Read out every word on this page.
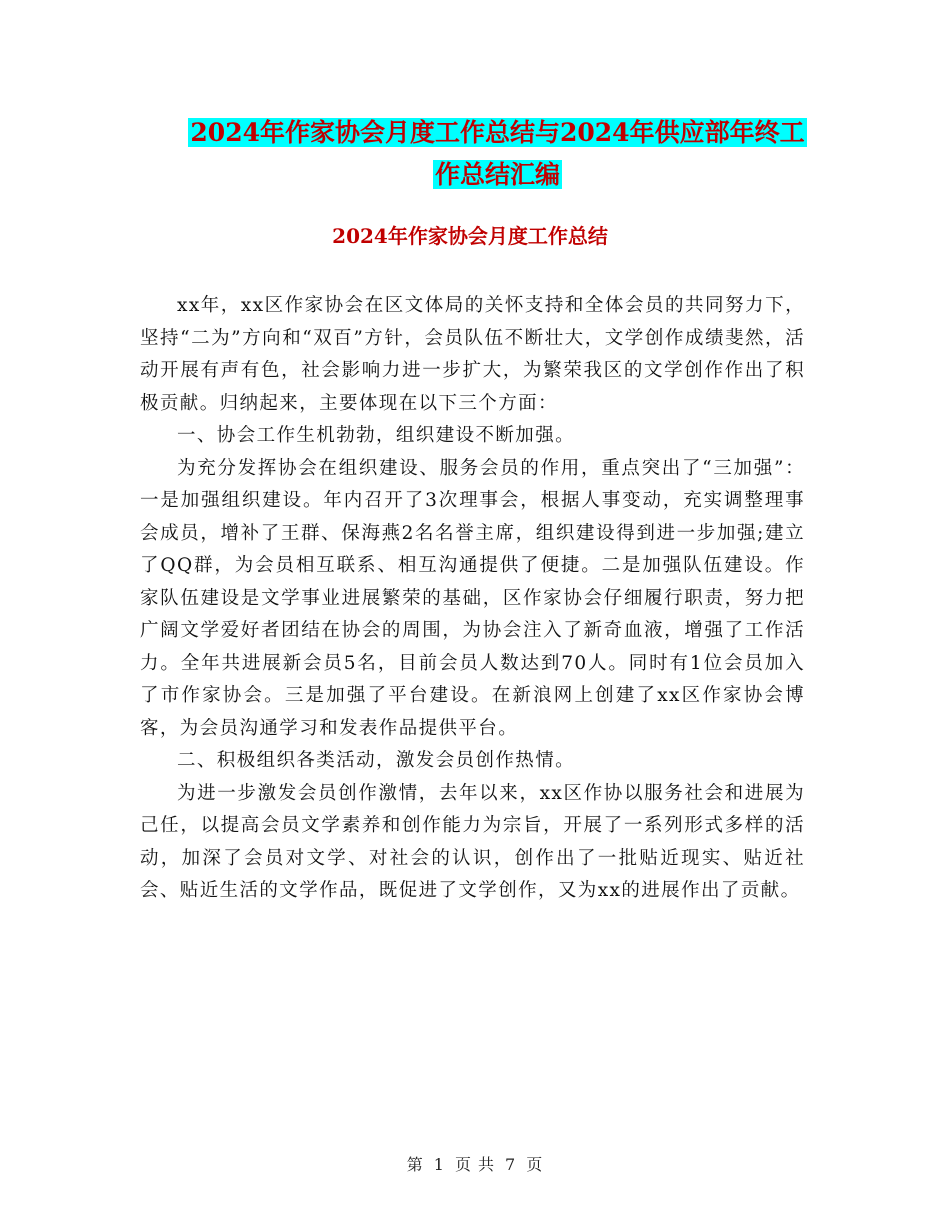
2024年作家协会月度工作总结与2024年供应部年终工
作总结汇编
2024年作家协会月度工作总结

xx年，xx区作家协会在区文体局的关怀支持和全体会员的共同努力下，坚持“二为”方向和“双百”方针，会员队伍不断壮大，文学创作成绩斐然，活动开展有声有色，社会影响力进一步扩大，为繁荣我区的文学创作作出了积极贡献。归纳起来，主要体现在以下三个方面：

一、协会工作生机勃勃，组织建设不断加强。

为充分发挥协会在组织建设、服务会员的作用，重点突出了“三加强”：一是加强组织建设。年内召开了3次理事会，根据人事变动，充实调整理事会成员，增补了王群、保海燕2名名誉主席，组织建设得到进一步加强;建立了QQ群，为会员相互联系、相互沟通提供了便捷。二是加强队伍建设。作家队伍建设是文学事业进展繁荣的基础，区作家协会仔细履行职责，努力把广阔文学爱好者团结在协会的周围，为协会注入了新奇血液，增强了工作活力。全年共进展新会员5名，目前会员人数达到70人。同时有1位会员加入了市作家协会。三是加强了平台建设。在新浪网上创建了xx区作家协会博客，为会员沟通学习和发表作品提供平台。

二、积极组织各类活动，激发会员创作热情。

为进一步激发会员创作激情，去年以来，xx区作协以服务社会和进展为己任，以提高会员文学素养和创作能力为宗旨，开展了一系列形式多样的活动，加深了会员对文学、对社会的认识，创作出了一批贴近现实、贴近社会、贴近生活的文学作品，既促进了文学创作，又为xx的进展作出了贡献。

第 1 页 共 7 页
